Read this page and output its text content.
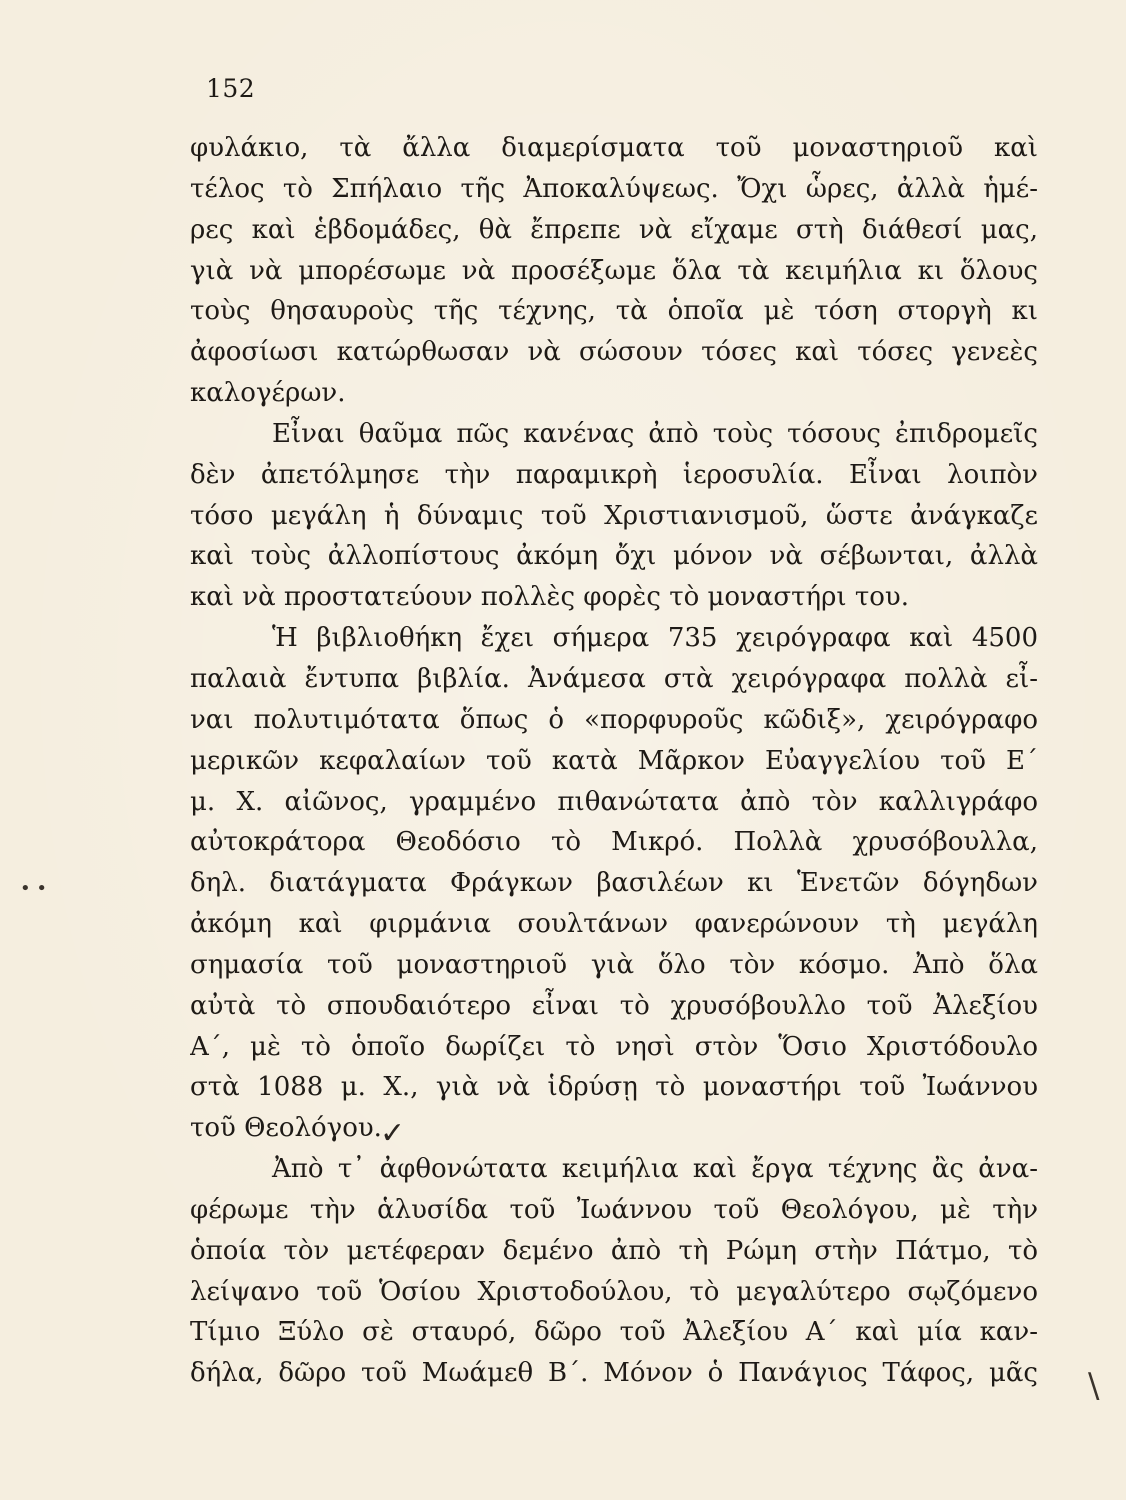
152
φυλάκιο, τὰ ἄλλα διαμερίσματα τοῦ μοναστηριοῦ καὶ
τέλος τὸ Σπήλαιο τῆς Ἀποκαλύψεως. Ὄχι ὧρες, ἀλλὰ ἡμέ-
ρες καὶ ἑβδομάδες, θὰ ἔπρεπε νὰ εἴχαμε στὴ διάθεσί μας,
γιὰ νὰ μπορέσωμε νὰ προσέξωμε ὅλα τὰ κειμήλια κι ὅλους
τοὺς θησαυροὺς τῆς τέχνης, τὰ ὁποῖα μὲ τόση στοργὴ κι
ἀφοσίωσι κατώρθωσαν νὰ σώσουν τόσες καὶ τόσες γενεὲς
καλογέρων.
Εἶναι θαῦμα πῶς κανένας ἀπὸ τοὺς τόσους ἐπιδρομεῖς
δὲν ἀπετόλμησε τὴν παραμικρὴ ἱεροσυλία. Εἶναι λοιπὸν
τόσο μεγάλη ἡ δύναμις τοῦ Χριστιανισμοῦ, ὥστε ἀνάγκαζε
καὶ τοὺς ἀλλοπίστους ἀκόμη ὄχι μόνον νὰ σέβωνται, ἀλλὰ
καὶ νὰ προστατεύουν πολλὲς φορὲς τὸ μοναστήρι του.
Ἡ βιβλιοθήκη ἔχει σήμερα 735 χειρόγραφα καὶ 4500
παλαιὰ ἔντυπα βιβλία. Ἀνάμεσα στὰ χειρόγραφα πολλὰ εἶ-
ναι πολυτιμότατα ὅπως ὁ «πορφυροῦς κῶδιξ», χειρόγραφο
μερικῶν κεφαλαίων τοῦ κατὰ Μᾶρκον Εὐαγγελίου τοῦ Ε΄
μ. Χ. αἰῶνος, γραμμένο πιθανώτατα ἀπὸ τὸν καλλιγράφο
αὐτοκράτορα Θεοδόσιο τὸ Μικρό. Πολλὰ χρυσόβουλλα,
δηλ. διατάγματα Φράγκων βασιλέων κι Ἑνετῶν δόγηδων
ἀκόμη καὶ φιρμάνια σουλτάνων φανερώνουν τὴ μεγάλη
σημασία τοῦ μοναστηριοῦ γιὰ ὅλο τὸν κόσμο. Ἀπὸ ὅλα
αὐτὰ τὸ σπουδαιότερο εἶναι τὸ χρυσόβουλλο τοῦ Ἀλεξίου
Α΄, μὲ τὸ ὁποῖο δωρίζει τὸ νησὶ στὸν Ὅσιο Χριστόδουλο
στὰ 1088 μ. Χ., γιὰ νὰ ἱδρύσῃ τὸ μοναστήρι τοῦ Ἰωάννου
τοῦ Θεολόγου.
Ἀπὸ τ᾽ ἀφθονώτατα κειμήλια καὶ ἔργα τέχνης ἂς ἀνα-
φέρωμε τὴν ἁλυσίδα τοῦ Ἰωάννου τοῦ Θεολόγου, μὲ τὴν
ὁποία τὸν μετέφεραν δεμένο ἀπὸ τὴ Ρώμη στὴν Πάτμο, τὸ
λείψανο τοῦ Ὁσίου Χριστοδούλου, τὸ μεγαλύτερο σῳζόμενο
Τίμιο Ξύλο σὲ σταυρό, δῶρο τοῦ Ἀλεξίου Α΄ καὶ μία καν-
δήλα, δῶρο τοῦ Μωάμεθ Β΄. Μόνον ὁ Πανάγιος Τάφος, μᾶς
• •
✓
\
